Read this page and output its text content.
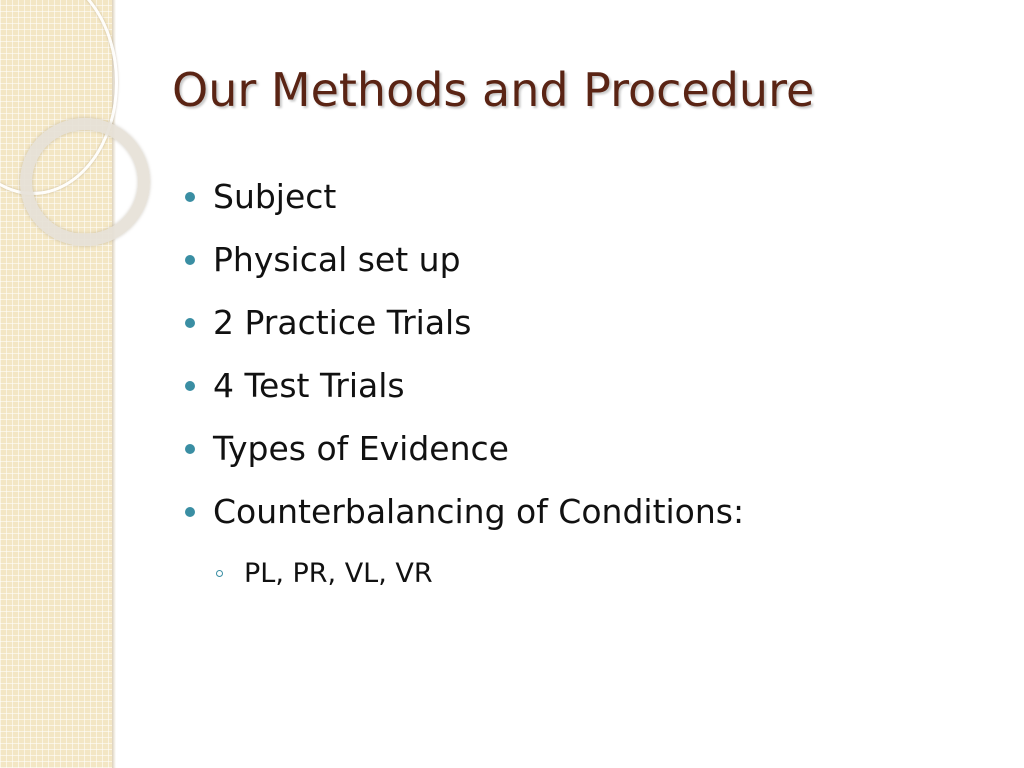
Our Methods and Procedure
Subject
Physical set up
2 Practice Trials
4 Test Trials
Types of Evidence
Counterbalancing of Conditions:
PL, PR, VL, VR
